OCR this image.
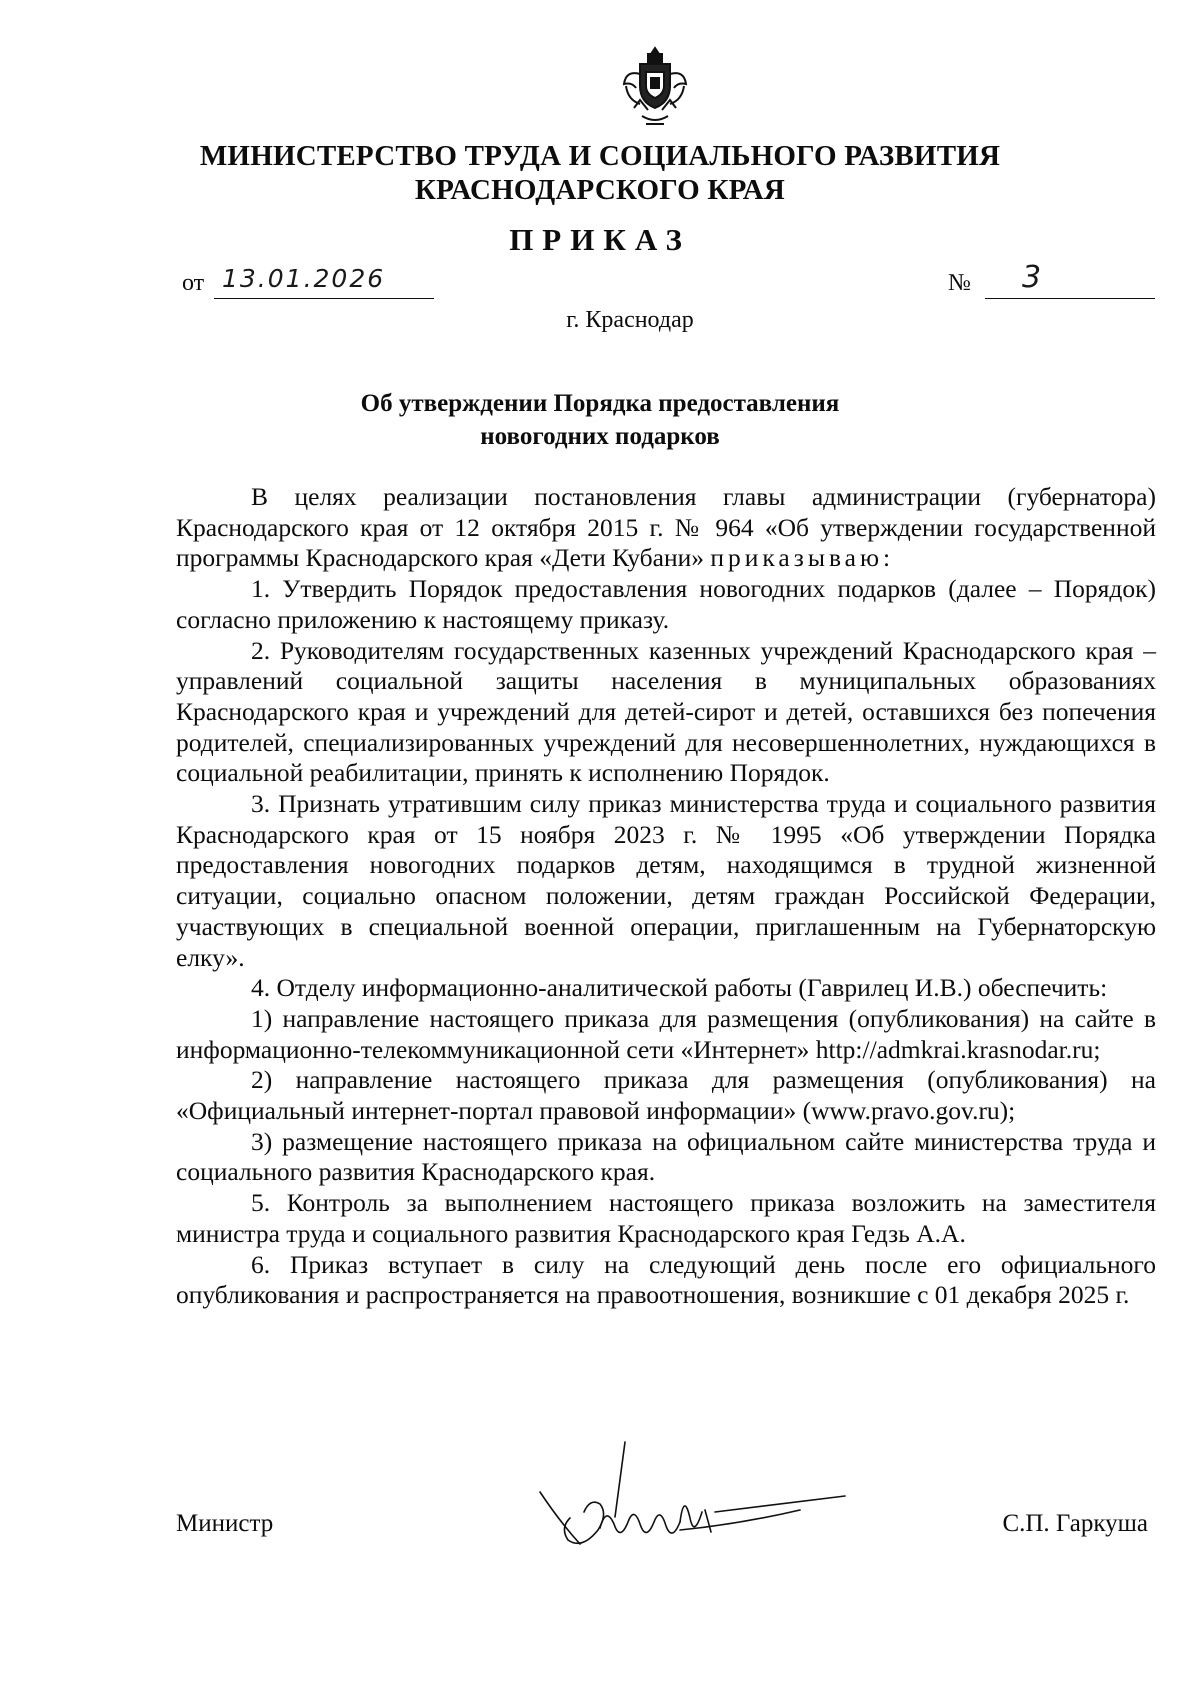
МИНИСТЕРСТВО ТРУДА И СОЦИАЛЬНОГО РАЗВИТИЯ
КРАСНОДАРСКОГО КРАЯ
ПРИКАЗ
от 13.01.2026	№ 3
г. Краснодар
Об утверждении Порядка предоставления
новогодних подарков

В целях реализации постановления главы администрации (губернатора) Краснодарского края от 12 октября 2015 г. № 964 «Об утверждении государственной программы Краснодарского края «Дети Кубани» приказываю:

1. Утвердить Порядок предоставления новогодних подарков (далее – Порядок) согласно приложению к настоящему приказу.

2. Руководителям государственных казенных учреждений Краснодарского края – управлений социальной защиты населения в муниципальных образованиях Краснодарского края и учреждений для детей-сирот и детей, оставшихся без попечения родителей, специализированных учреждений для несовершеннолетних, нуждающихся в социальной реабилитации, принять к исполнению Порядок.

3. Признать утратившим силу приказ министерства труда и социального развития Краснодарского края от 15 ноября 2023 г. № 1995 «Об утверждении Порядка предоставления новогодних подарков детям, находящимся в трудной жизненной ситуации, социально опасном положении, детям граждан Российской Федерации, участвующих в специальной военной операции, приглашенным на Губернаторскую елку».

4. Отделу информационно-аналитической работы (Гаврилец И.В.) обеспечить:

1) направление настоящего приказа для размещения (опубликования) на сайте в информационно-телекоммуникационной сети «Интернет» http://admkrai.krasnodar.ru;

2) направление настоящего приказа для размещения (опубликования) на «Официальный интернет-портал правовой информации» (www.pravo.gov.ru);

3) размещение настоящего приказа на официальном сайте министерства труда и социального развития Краснодарского края.

5. Контроль за выполнением настоящего приказа возложить на заместителя министра труда и социального развития Краснодарского края Гедзь А.А.

6. Приказ вступает в силу на следующий день после его официального опубликования и распространяется на правоотношения, возникшие с 01 декабря 2025 г.

Министр	С.П. Гаркуша
